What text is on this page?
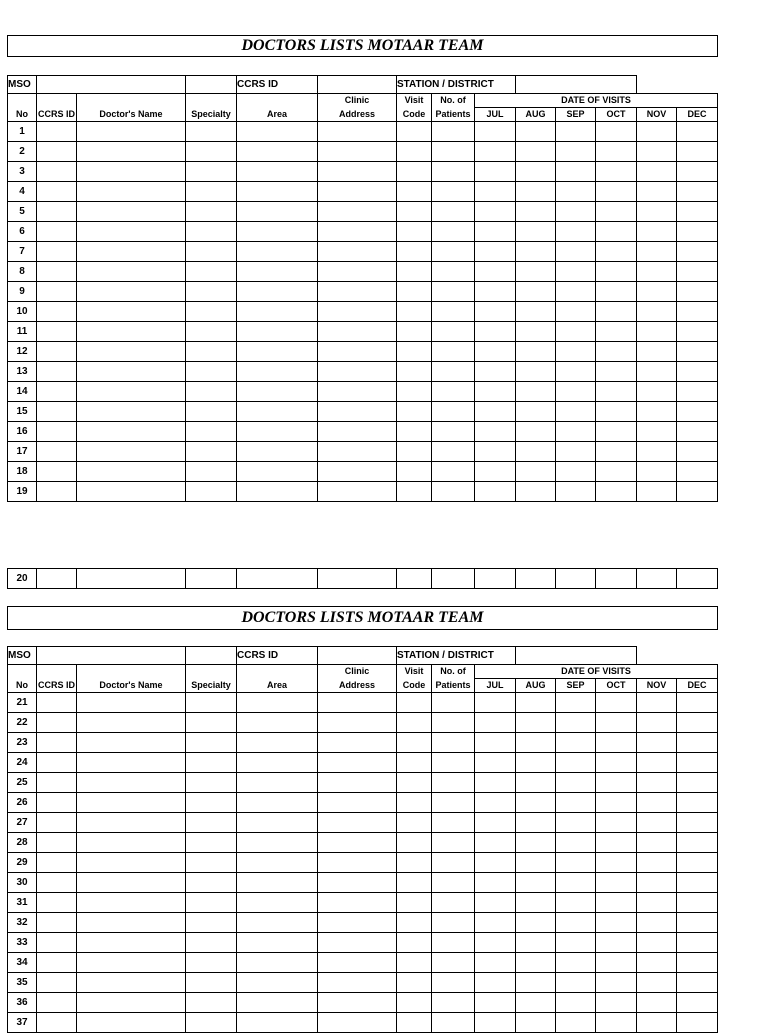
DOCTORS LISTS MOTAAR TEAM
MSO				CCRS ID		STATION / DISTRICT							
					Clinic	Visit	No. of	DATE OF VISITS					
No	CCRS ID	Doctor's Name	Specialty	Area	Address	Code	Patients	JUL	AUG	SEP	OCT	NOV	DEC
1													
2													
3													
4													
5													
6													
7													
8													
9													
10													
11													
12													
13													
14													
15													
16													
17													
18													
19													
20													
DOCTORS LISTS MOTAAR TEAM
MSO				CCRS ID		STATION / DISTRICT							
					Clinic	Visit	No. of	DATE OF VISITS					
No	CCRS ID	Doctor's Name	Specialty	Area	Address	Code	Patients	JUL	AUG	SEP	OCT	NOV	DEC
21													
22													
23													
24													
25													
26													
27													
28													
29													
30													
31													
32													
33													
34													
35													
36													
37													
